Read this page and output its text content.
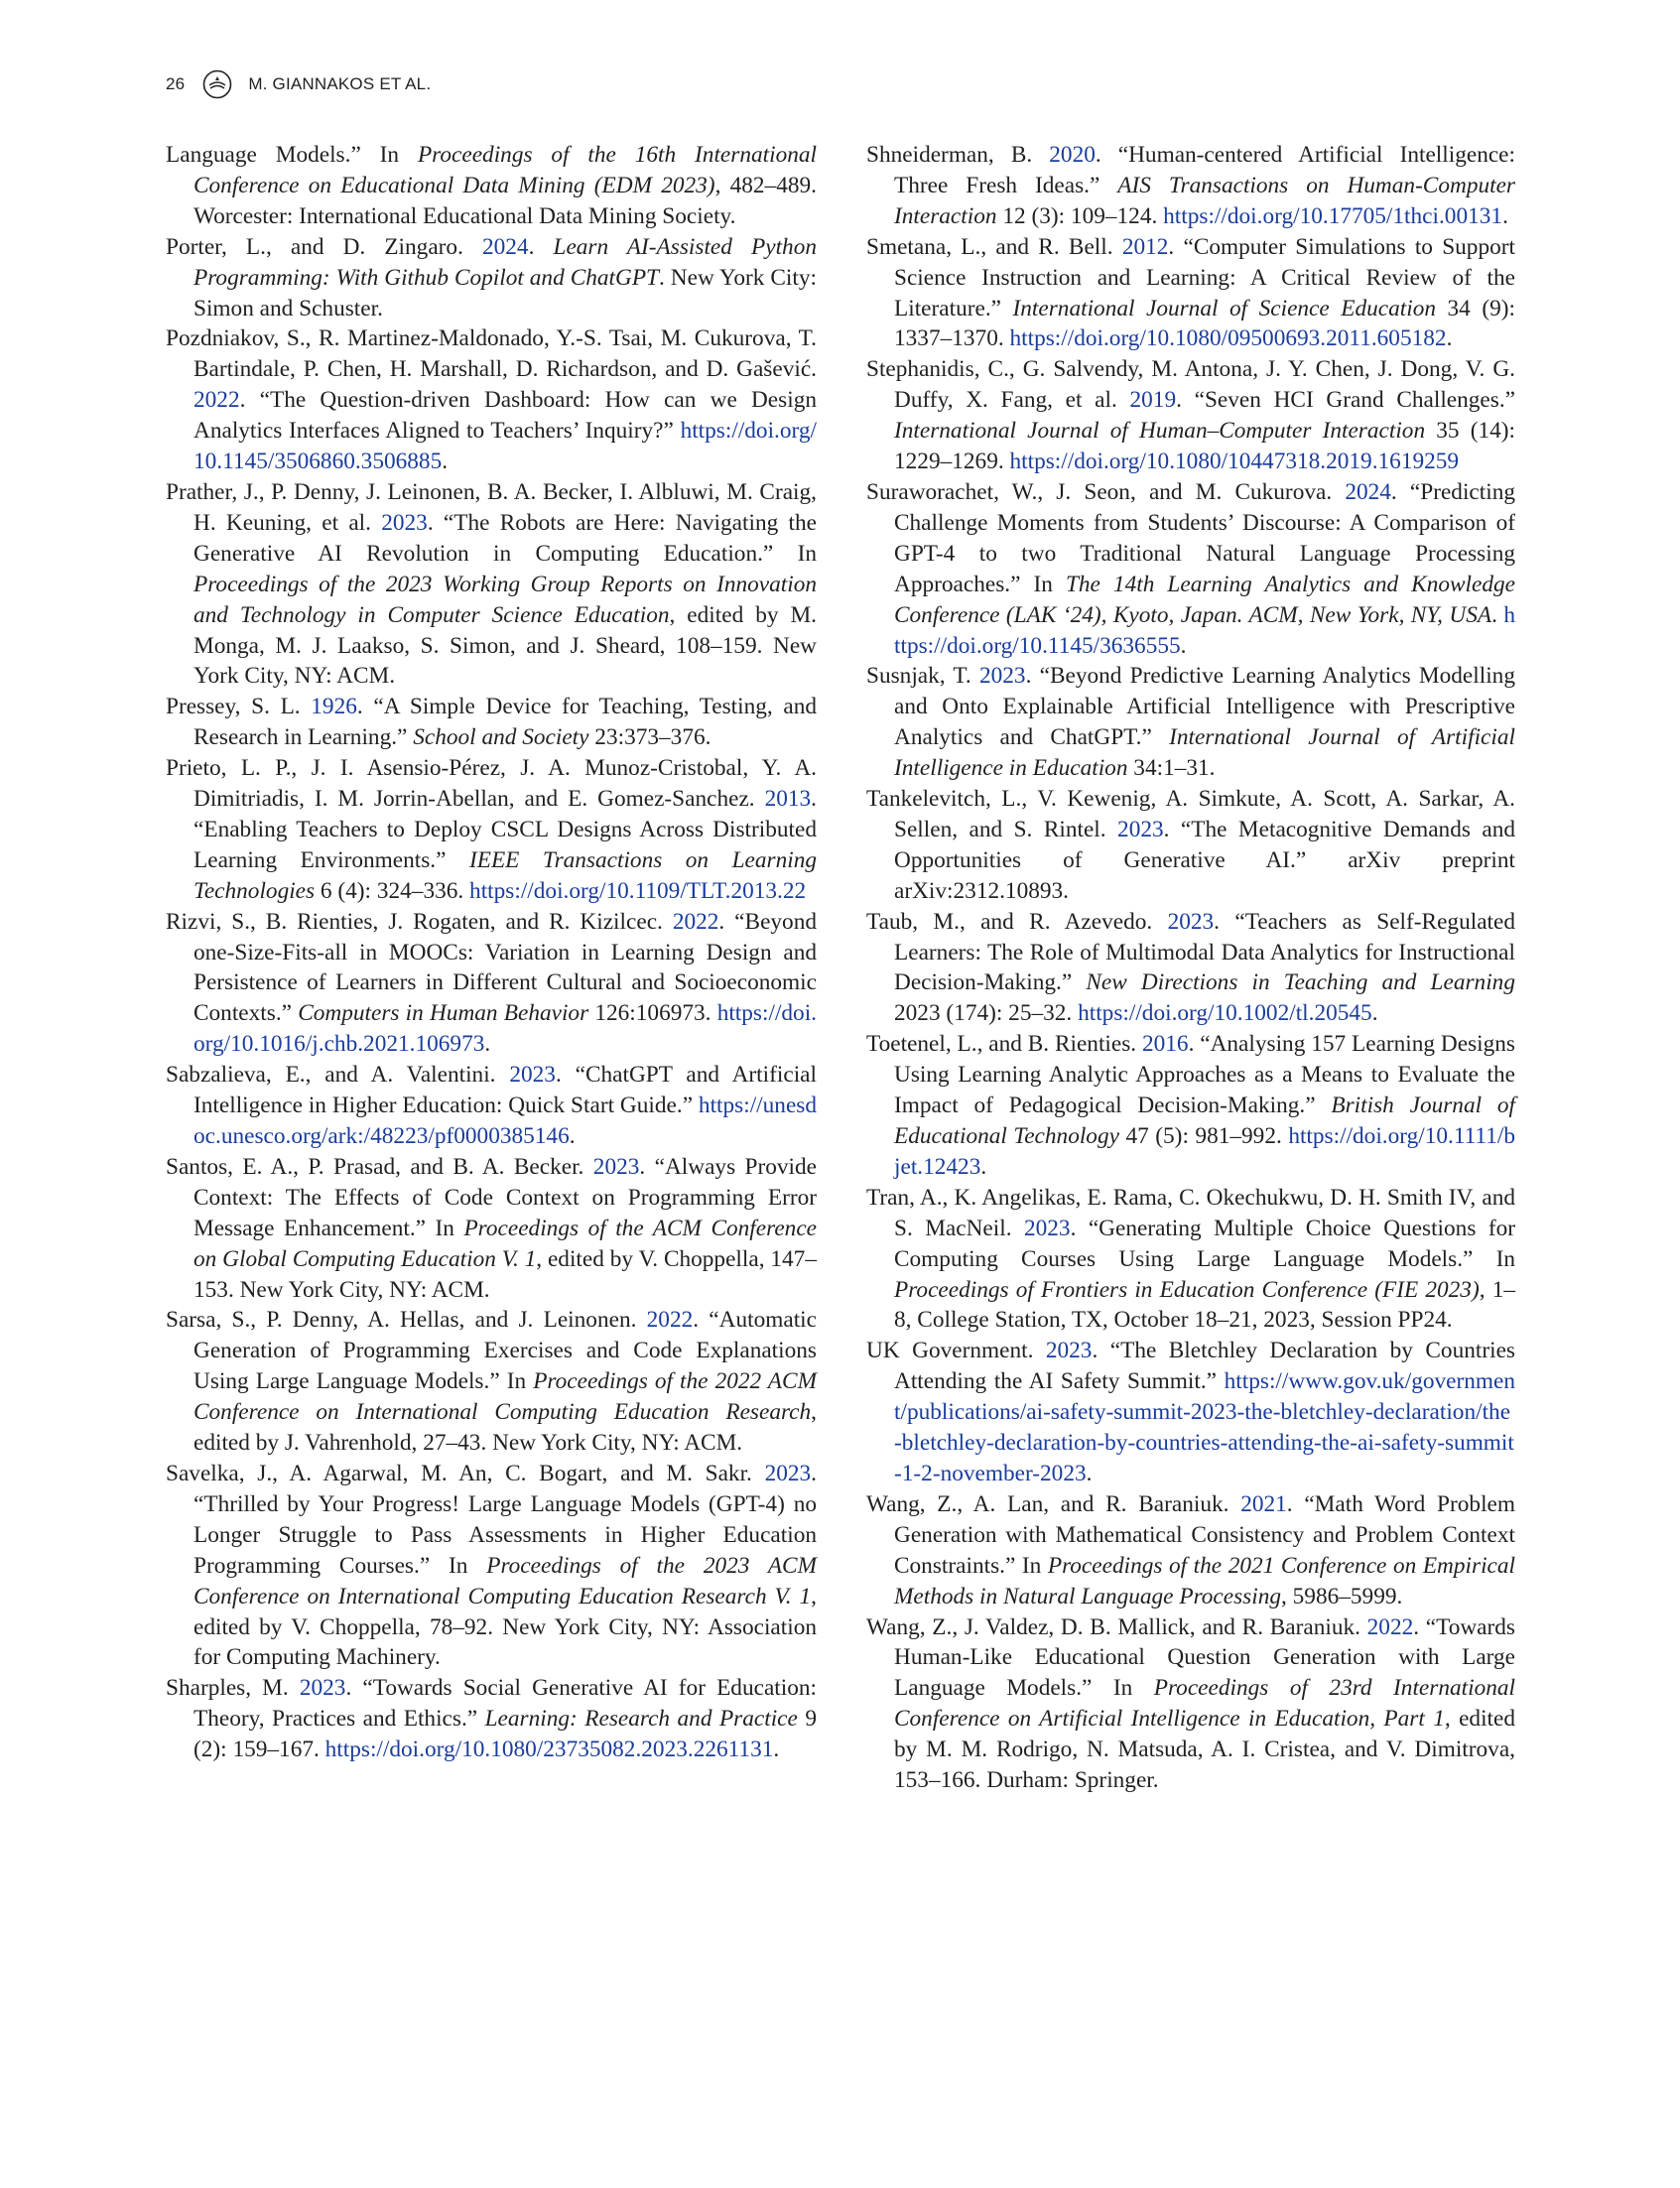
26	M. GIANNAKOS ET AL.

Language Models.” In Proceedings of the 16th International Conference on Educational Data Mining (EDM 2023), 482–489. Worcester: International Educational Data Mining Society.

Porter, L., and D. Zingaro. 2024. Learn AI-Assisted Python Programming: With Github Copilot and ChatGPT. New York City: Simon and Schuster.

Pozdniakov, S., R. Martinez-Maldonado, Y.-S. Tsai, M. Cukurova, T. Bartindale, P. Chen, H. Marshall, D. Richardson, and D. Gašević. 2022. “The Question-driven Dashboard: How can we Design Analytics Interfaces Aligned to Teachers’ Inquiry?” https://doi.org/10.1145/3506860.3506885.

Prather, J., P. Denny, J. Leinonen, B. A. Becker, I. Albluwi, M. Craig, H. Keuning, et al. 2023. “The Robots are Here: Navigating the Generative AI Revolution in Computing Education.” In Proceedings of the 2023 Working Group Reports on Innovation and Technology in Computer Science Education, edited by M. Monga, M. J. Laakso, S. Simon, and J. Sheard, 108–159. New York City, NY: ACM.

Pressey, S. L. 1926. “A Simple Device for Teaching, Testing, and Research in Learning.” School and Society 23:373–376.

Prieto, L. P., J. I. Asensio-Pérez, J. A. Munoz-Cristobal, Y. A. Dimitriadis, I. M. Jorrin-Abellan, and E. Gomez-Sanchez. 2013. “Enabling Teachers to Deploy CSCL Designs Across Distributed Learning Environments.” IEEE Transactions on Learning Technologies 6 (4): 324–336. https://doi.org/10.1109/TLT.2013.22

Rizvi, S., B. Rienties, J. Rogaten, and R. Kizilcec. 2022. “Beyond one-Size-Fits-all in MOOCs: Variation in Learning Design and Persistence of Learners in Different Cultural and Socioeconomic Contexts.” Computers in Human Behavior 126:106973. https://doi.org/10.1016/j.chb.2021.106973.

Sabzalieva, E., and A. Valentini. 2023. “ChatGPT and Artificial Intelligence in Higher Education: Quick Start Guide.” https://unesdoc.unesco.org/ark:/48223/pf0000385146.

Santos, E. A., P. Prasad, and B. A. Becker. 2023. “Always Provide Context: The Effects of Code Context on Programming Error Message Enhancement.” In Proceedings of the ACM Conference on Global Computing Education V. 1, edited by V. Choppella, 147–153. New York City, NY: ACM.

Sarsa, S., P. Denny, A. Hellas, and J. Leinonen. 2022. “Automatic Generation of Programming Exercises and Code Explanations Using Large Language Models.” In Proceedings of the 2022 ACM Conference on International Computing Education Research, edited by J. Vahrenhold, 27–43. New York City, NY: ACM.

Savelka, J., A. Agarwal, M. An, C. Bogart, and M. Sakr. 2023. “Thrilled by Your Progress! Large Language Models (GPT-4) no Longer Struggle to Pass Assessments in Higher Education Programming Courses.” In Proceedings of the 2023 ACM Conference on International Computing Education Research V. 1, edited by V. Choppella, 78–92. New York City, NY: Association for Computing Machinery.

Sharples, M. 2023. “Towards Social Generative AI for Education: Theory, Practices and Ethics.” Learning: Research and Practice 9 (2): 159–167. https://doi.org/10.1080/23735082.2023.2261131.

Shneiderman, B. 2020. “Human-centered Artificial Intelligence: Three Fresh Ideas.” AIS Transactions on Human-Computer Interaction 12 (3): 109–124. https://doi.org/10.17705/1thci.00131.

Smetana, L., and R. Bell. 2012. “Computer Simulations to Support Science Instruction and Learning: A Critical Review of the Literature.” International Journal of Science Education 34 (9): 1337–1370. https://doi.org/10.1080/09500693.2011.605182.

Stephanidis, C., G. Salvendy, M. Antona, J. Y. Chen, J. Dong, V. G. Duffy, X. Fang, et al. 2019. “Seven HCI Grand Challenges.” International Journal of Human–Computer Interaction 35 (14): 1229–1269. https://doi.org/10.1080/10447318.2019.1619259

Suraworachet, W., J. Seon, and M. Cukurova. 2024. “Predicting Challenge Moments from Students’ Discourse: A Comparison of GPT-4 to two Traditional Natural Language Processing Approaches.” In The 14th Learning Analytics and Knowledge Conference (LAK ‘24), Kyoto, Japan. ACM, New York, NY, USA. https://doi.org/10.1145/3636555.

Susnjak, T. 2023. “Beyond Predictive Learning Analytics Modelling and Onto Explainable Artificial Intelligence with Prescriptive Analytics and ChatGPT.” International Journal of Artificial Intelligence in Education 34:1–31.

Tankelevitch, L., V. Kewenig, A. Simkute, A. Scott, A. Sarkar, A. Sellen, and S. Rintel. 2023. “The Metacognitive Demands and Opportunities of Generative AI.” arXiv preprint arXiv:2312.10893.

Taub, M., and R. Azevedo. 2023. “Teachers as Self-Regulated Learners: The Role of Multimodal Data Analytics for Instructional Decision-Making.” New Directions in Teaching and Learning 2023 (174): 25–32. https://doi.org/10.1002/tl.20545.

Toetenel, L., and B. Rienties. 2016. “Analysing 157 Learning Designs Using Learning Analytic Approaches as a Means to Evaluate the Impact of Pedagogical Decision-Making.” British Journal of Educational Technology 47 (5): 981–992. https://doi.org/10.1111/bjet.12423.

Tran, A., K. Angelikas, E. Rama, C. Okechukwu, D. H. Smith IV, and S. MacNeil. 2023. “Generating Multiple Choice Questions for Computing Courses Using Large Language Models.” In Proceedings of Frontiers in Education Conference (FIE 2023), 1–8, College Station, TX, October 18–21, 2023, Session PP24.

UK Government. 2023. “The Bletchley Declaration by Countries Attending the AI Safety Summit.” https://www.gov.uk/government/publications/ai-safety-summit-2023-the-bletchley-declaration/the-bletchley-declaration-by-countries-attending-the-ai-safety-summit-1-2-november-2023.

Wang, Z., A. Lan, and R. Baraniuk. 2021. “Math Word Problem Generation with Mathematical Consistency and Problem Context Constraints.” In Proceedings of the 2021 Conference on Empirical Methods in Natural Language Processing, 5986–5999.

Wang, Z., J. Valdez, D. B. Mallick, and R. Baraniuk. 2022. “Towards Human-Like Educational Question Generation with Large Language Models.” In Proceedings of 23rd International Conference on Artificial Intelligence in Education, Part 1, edited by M. M. Rodrigo, N. Matsuda, A. I. Cristea, and V. Dimitrova, 153–166. Durham: Springer.
